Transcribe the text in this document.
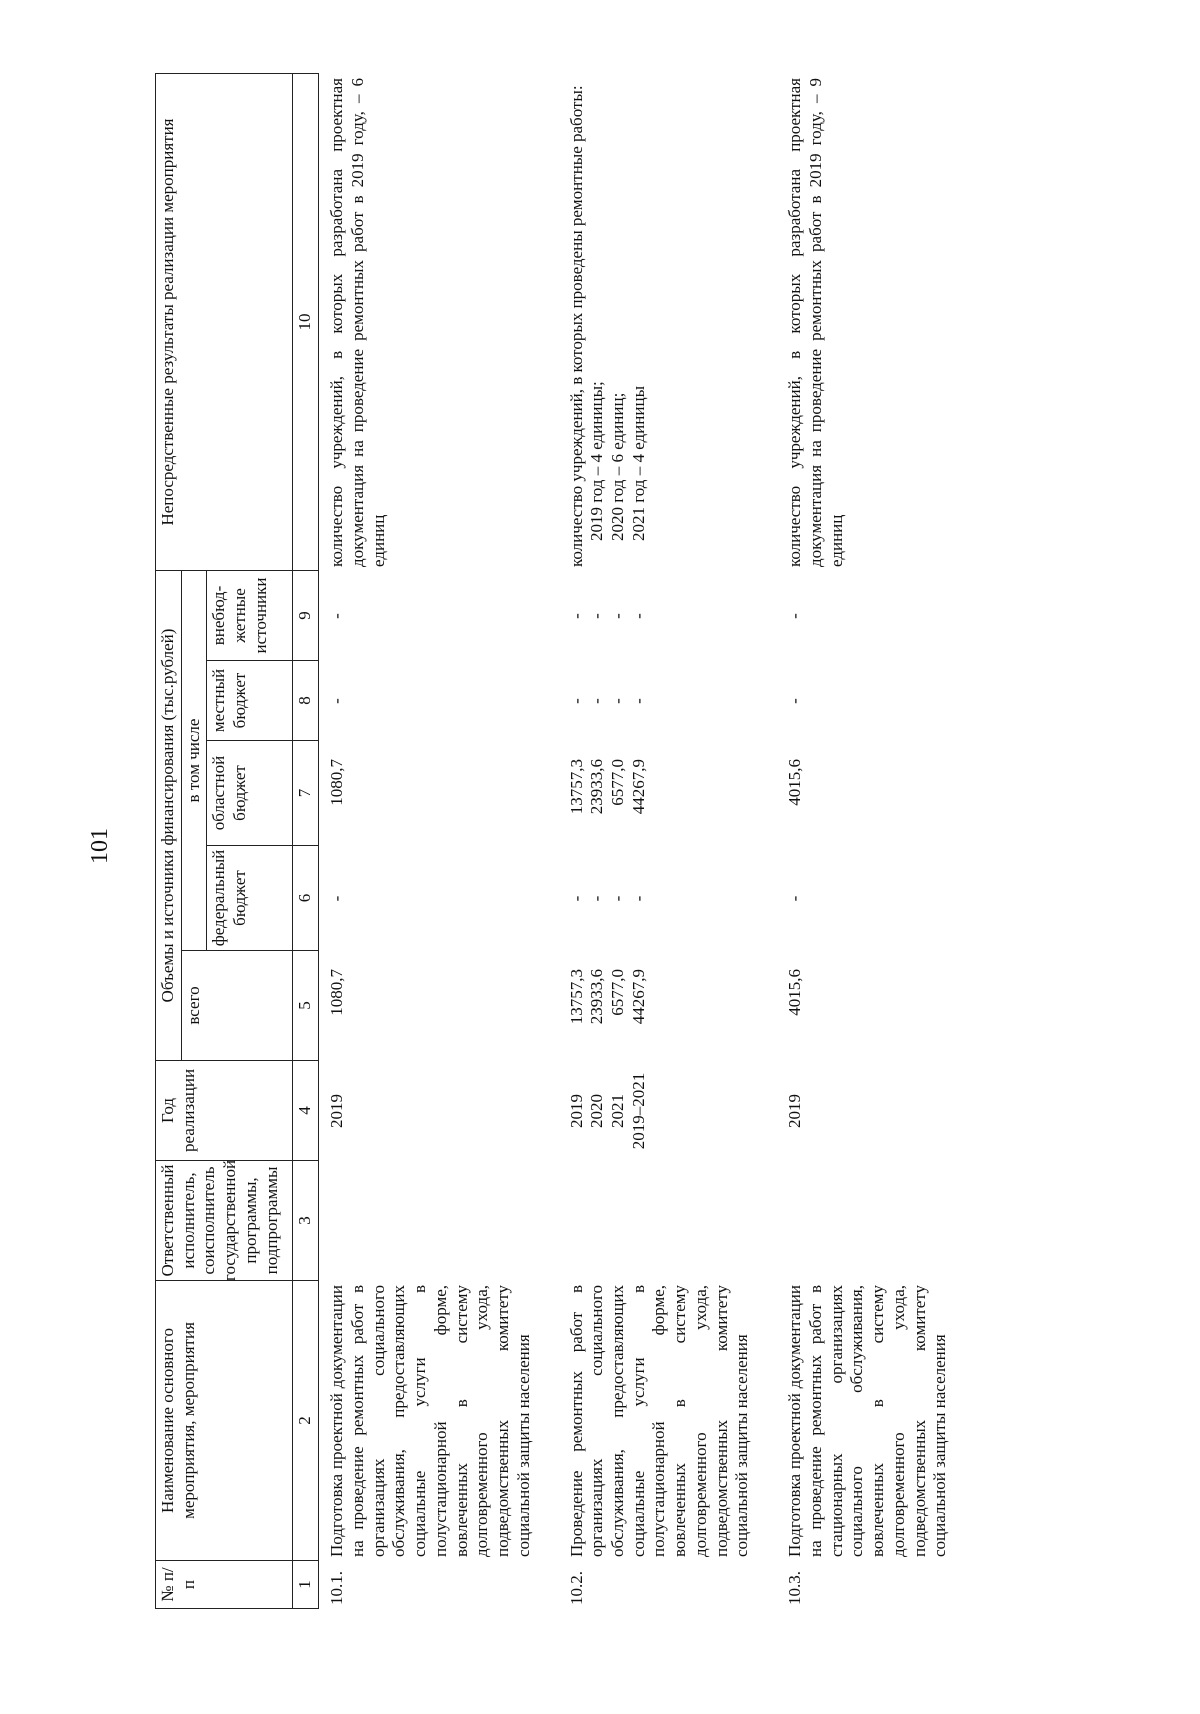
101
№ п/п
Наименование основного мероприятия, мероприятия
Ответственный исполнитель, соисполнитель государственной программы, подпрограммы
Год реализации
Объемы и источники финансирования (тыс.рублей)
Непосредственные результаты реализации мероприятия
всего
в том числе
федеральный бюджет
областной бюджет
местный бюджет
внебюд-жетные источники
1
2
3
4
5
6
7
8
9
10
10.1.
Подготовка проектной документации на проведение ремонтных работ в организациях социального обслуживания, предоставляющих социальные услуги в полустационарной форме, вовлеченных в систему долговременного ухода, подведомственных комитету социальной защиты населения
2019
1080,7
-
1080,7
-
-
количество учреждений, в которых разработана проектная документация на проведение ремонтных работ в 2019 году, – 6 единиц
10.2.
Проведение ремонтных работ в организациях социального обслуживания, предоставляющих социальные услуги в полустационарной форме, вовлеченных в систему долговременного ухода, подведомственных комитету социальной защиты населения
2019 2020 2021 2019–2021
13757,3 23933,6 6577,0 44267,9
- - - -
13757,3 23933,6 6577,0 44267,9
- - - -
- - - -
количество учреждений, в которых проведены ремонтные работы: 2019 год – 4 единицы; 2020 год – 6 единиц; 2021 год – 4 единицы
10.3.
Подготовка проектной документации на проведение ремонтных работ в стационарных организациях социального обслуживания, вовлеченных в систему долговременного ухода, подведомственных комитету социальной защиты населения
2019
4015,6
-
4015,6
-
-
количество учреждений, в которых разработана проектная документация на проведение ремонтных работ в 2019 году, – 9 единиц
